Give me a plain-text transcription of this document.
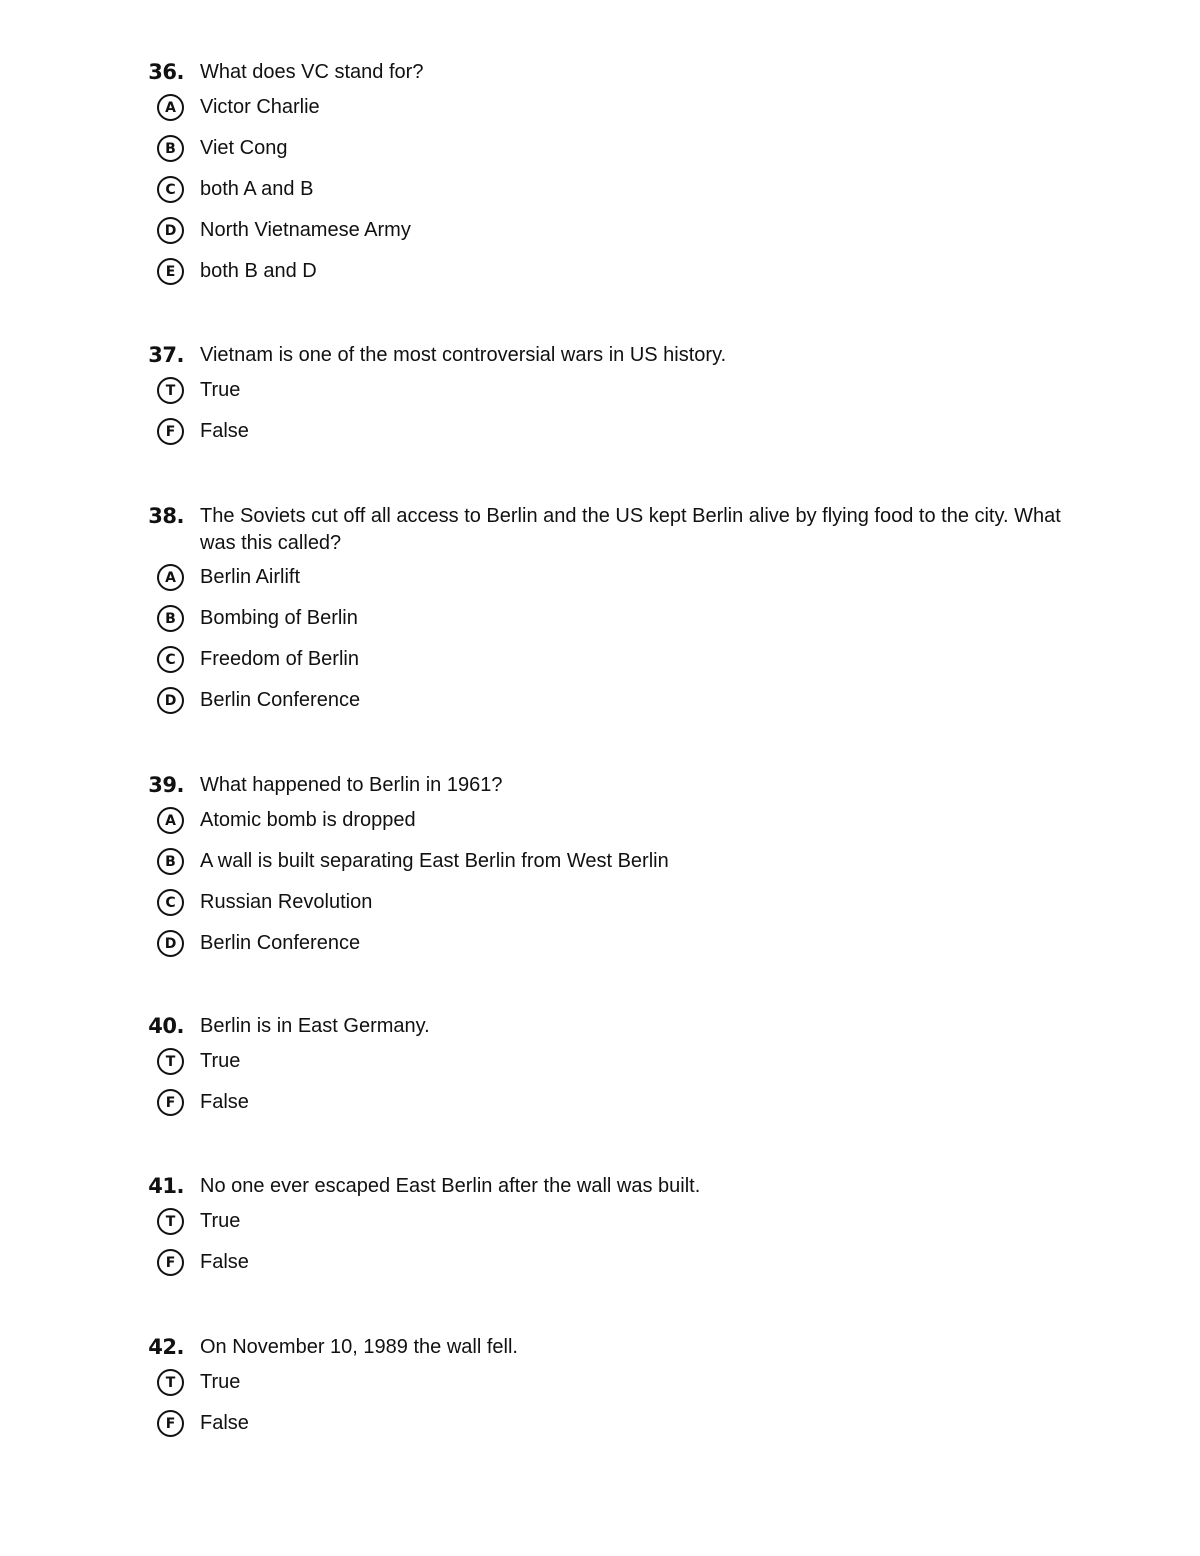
36. What does VC stand for?
A	Victor Charlie
B	Viet Cong
C	both A and B
D	North Vietnamese Army
E	both B and D
37. Vietnam is one of the most controversial wars in US history.
T	True
F	False
38. The Soviets cut off all access to Berlin and the US kept Berlin alive by flying food to the city. What was this called?
A	Berlin Airlift
B	Bombing of Berlin
C	Freedom of Berlin
D	Berlin Conference
39. What happened to Berlin in 1961?
A	Atomic bomb is dropped
B	A wall is built separating East Berlin from West Berlin
C	Russian Revolution
D	Berlin Conference
40. Berlin is in East Germany.
T	True
F	False
41. No one ever escaped East Berlin after the wall was built.
T	True
F	False
42. On November 10, 1989 the wall fell.
T	True
F	False
